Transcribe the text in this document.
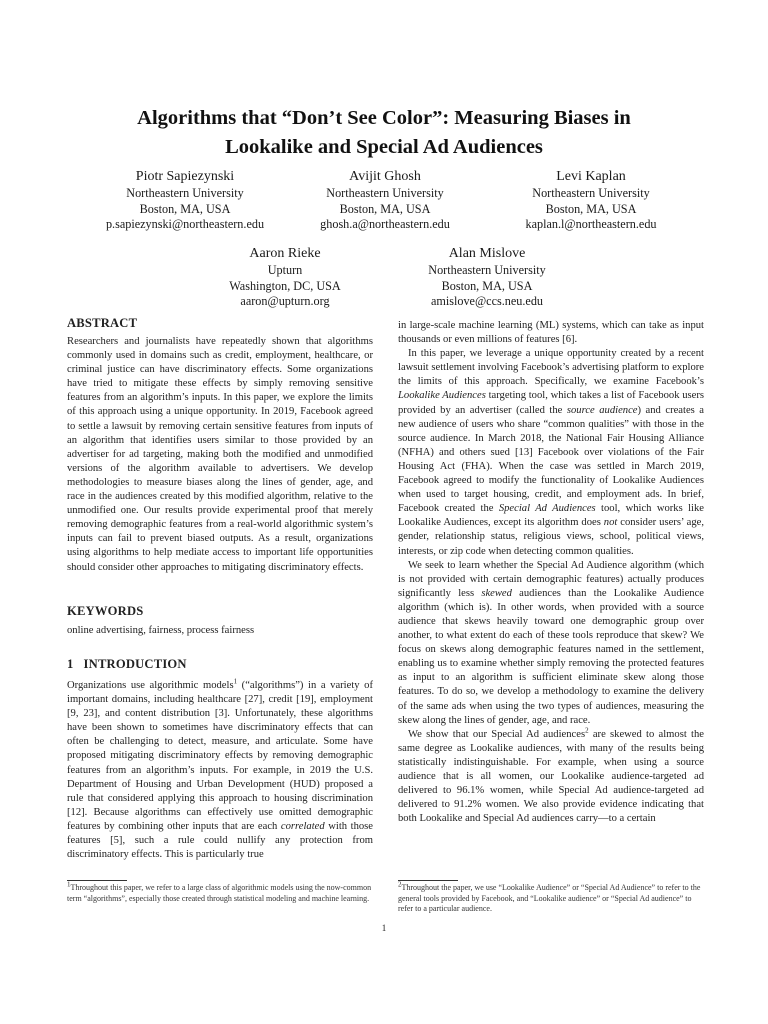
Algorithms that “Don’t See Color”: Measuring Biases in
Lookalike and Special Ad Audiences
Piotr Sapiezynski
Northeastern University
Boston, MA, USA
p.sapiezynski@northeastern.edu
Avijit Ghosh
Northeastern University
Boston, MA, USA
ghosh.a@northeastern.edu
Levi Kaplan
Northeastern University
Boston, MA, USA
kaplan.l@northeastern.edu
Aaron Rieke
Upturn
Washington, DC, USA
aaron@upturn.org
Alan Mislove
Northeastern University
Boston, MA, USA
amislove@ccs.neu.edu
ABSTRACT

Researchers and journalists have repeatedly shown that algorithms commonly used in domains such as credit, employment, healthcare, or criminal justice can have discriminatory effects. Some organizations have tried to mitigate these effects by simply removing sensitive features from an algorithm’s inputs. In this paper, we explore the limits of this approach using a unique opportunity. In 2019, Facebook agreed to settle a lawsuit by removing certain sensitive features from inputs of an algorithm that identifies users similar to those provided by an advertiser for ad targeting, making both the modified and unmodified versions of the algorithm available to advertisers. We develop methodologies to measure biases along the lines of gender, age, and race in the audiences created by this modified algorithm, relative to the unmodified one. Our results provide experimental proof that merely removing demographic features from a real-world algorithmic system’s inputs can fail to prevent biased outputs. As a result, organizations using algorithms to help mediate access to important life opportunities should consider other approaches to mitigating discriminatory effects.

KEYWORDS

online advertising, fairness, process fairness

1   INTRODUCTION

Organizations use algorithmic models$^1$ (“algorithms”) in a variety of important domains, including healthcare [27], credit [19], employment [9, 23], and content distribution [3]. Unfortunately, these algorithms have been shown to sometimes have discriminatory effects that can often be challenging to detect, measure, and articulate. Some have proposed mitigating discriminatory effects by removing demographic features from an algorithm’s inputs. For example, in 2019 the U.S. Department of Housing and Urban Development (HUD) proposed a rule that considered applying this approach to housing discrimination [12]. Because algorithms can effectively use omitted demographic features by combining other inputs that are each correlated with those features [5], such a rule could nullify any protection from discriminatory effects. This is particularly true

$^1$Throughout this paper, we refer to a large class of algorithmic models using the now-common term “algorithms”, especially those created through statistical modeling and machine learning.

in large-scale machine learning (ML) systems, which can take as input thousands or even millions of features [6].

In this paper, we leverage a unique opportunity created by a recent lawsuit settlement involving Facebook’s advertising platform to explore the limits of this approach. Specifically, we examine Facebook’s Lookalike Audiences targeting tool, which takes a list of Facebook users provided by an advertiser (called the source audience) and creates a new audience of users who share “common qualities” with those in the source audience. In March 2018, the National Fair Housing Alliance (NFHA) and others sued [13] Facebook over violations of the Fair Housing Act (FHA). When the case was settled in March 2019, Facebook agreed to modify the functionality of Lookalike Audiences when used to target housing, credit, and employment ads. In brief, Facebook created the Special Ad Audiences tool, which works like Lookalike Audiences, except its algorithm does not consider users’ age, gender, relationship status, religious views, school, political views, interests, or zip code when detecting common qualities.

We seek to learn whether the Special Ad Audience algorithm (which is not provided with certain demographic features) actually produces significantly less skewed audiences than the Lookalike Audience algorithm (which is). In other words, when provided with a source audience that skews heavily toward one demographic group over another, to what extent do each of these tools reproduce that skew? We focus on skews along demographic features named in the settlement, enabling us to examine whether simply removing the protected features as input to an algorithm is sufficient eliminate skew along those features. To do so, we develop a methodology to examine the delivery of the same ads when using the two types of audiences, measuring the skew along the lines of gender, age, and race.

We show that our Special Ad audiences$^2$ are skewed to almost the same degree as Lookalike audiences, with many of the results being statistically indistinguishable. For example, when using a source audience that is all women, our Lookalike audience-targeted ad delivered to 96.1% women, while Special Ad audience-targeted ad delivered to 91.2% women. We also provide evidence indicating that both Lookalike and Special Ad audiences carry—to a certain

$^2$Throughout the paper, we use “Lookalike Audience” or “Special Ad Audience” to refer to the general tools provided by Facebook, and “Lookalike audience” or “Special Ad audience” to refer to a particular audience.
1
